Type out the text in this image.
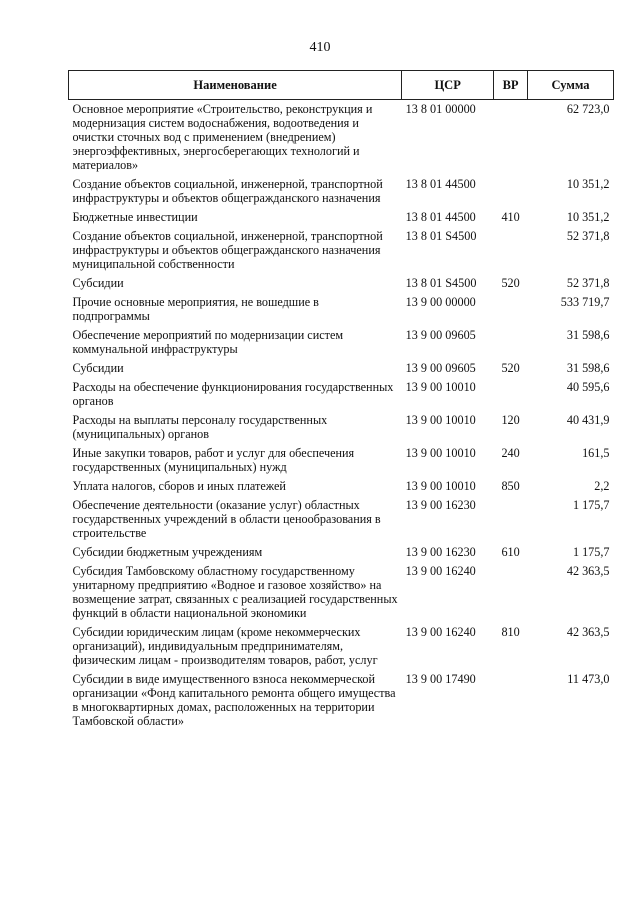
410
Наименование	ЦСР	ВР	Сумма
Основное мероприятие «Строительство, реконструкция и модернизация систем водоснабжения, водоотведения и очистки сточных вод с применением (внедрением) энергоэффективных, энергосберегающих технологий и материалов»	13 8 01 00000		62 723,0
Создание объектов социальной, инженерной, транспортной инфраструктуры и объектов общегражданского назначения	13 8 01 44500		10 351,2
Бюджетные инвестиции	13 8 01 44500	410	10 351,2
Создание объектов социальной, инженерной, транспортной инфраструктуры и объектов общегражданского назначения муниципальной собственности	13 8 01 S4500		52 371,8
Субсидии	13 8 01 S4500	520	52 371,8
Прочие основные мероприятия, не вошедшие в подпрограммы	13 9 00 00000		533 719,7
Обеспечение мероприятий по модернизации систем коммунальной инфраструктуры	13 9 00 09605		31 598,6
Субсидии	13 9 00 09605	520	31 598,6
Расходы на обеспечение функционирования государственных органов	13 9 00 10010		40 595,6
Расходы на выплаты персоналу государственных (муниципальных) органов	13 9 00 10010	120	40 431,9
Иные закупки товаров, работ и услуг для обеспечения государственных (муниципальных) нужд	13 9 00 10010	240	161,5
Уплата налогов, сборов и иных платежей	13 9 00 10010	850	2,2
Обеспечение деятельности (оказание услуг) областных государственных учреждений в области ценообразования в строительстве	13 9 00 16230		1 175,7
Субсидии бюджетным учреждениям	13 9 00 16230	610	1 175,7
Субсидия Тамбовскому областному государственному унитарному предприятию «Водное и газовое хозяйство» на возмещение затрат, связанных с реализацией государственных функций в области национальной экономики	13 9 00 16240		42 363,5
Субсидии юридическим лицам (кроме некоммерческих организаций), индивидуальным предпринимателям, физическим лицам - производителям товаров, работ, услуг	13 9 00 16240	810	42 363,5
Субсидии в виде имущественного взноса некоммерческой организации «Фонд капитального ремонта общего имущества в многоквартирных домах, расположенных на территории Тамбовской области»	13 9 00 17490		11 473,0
